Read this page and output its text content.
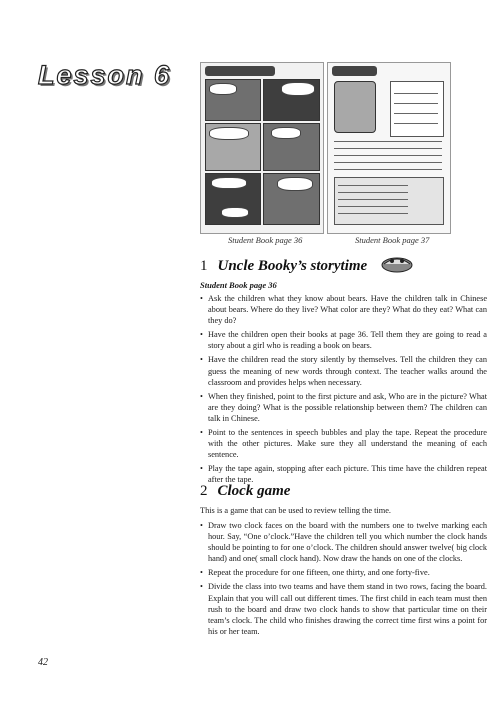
Lesson 6
Student Book page 36	Student Book page 37
1 Uncle Booky’s storytime
Student Book page 36
• Ask the children what they know about bears. Have the children talk in Chinese about bears. Where do they live? What color are they? What do they eat? What can they do?
• Have the children open their books at page 36. Tell them they are going to read a story about a girl who is reading a book on bears.
• Have the children read the story silently by themselves. Tell the children they can guess the meaning of new words through context. The teacher walks around the classroom and provides helps when necessary.
• When they finished, point to the first picture and ask, Who are in the picture? What are they doing? What is the possible relationship between them? The children can talk in Chinese.
• Point to the sentences in speech bubbles and play the tape. Repeat the procedure with the other pictures. Make sure they all understand the meaning of each sentence.
• Play the tape again, stopping after each picture. This time have the children repeat after the tape.
2 Clock game
This is a game that can be used to review telling the time.
• Draw two clock faces on the board with the numbers one to twelve marking each hour. Say, “One o’clock.”Have the children tell you which number the clock hands should be pointing to for one o’clock. The children should answer twelve( big clock hand) and one( small clock hand). Now draw the hands on one of the clocks.
• Repeat the procedure for one fifteen, one thirty, and one forty-five.
• Divide the class into two teams and have them stand in two rows, facing the board. Explain that you will call out different times. The first child in each team must then rush to the board and draw two clock hands to show that particular time on their team’s clock. The child who finishes drawing the correct time first wins a point for his or her team.
42
